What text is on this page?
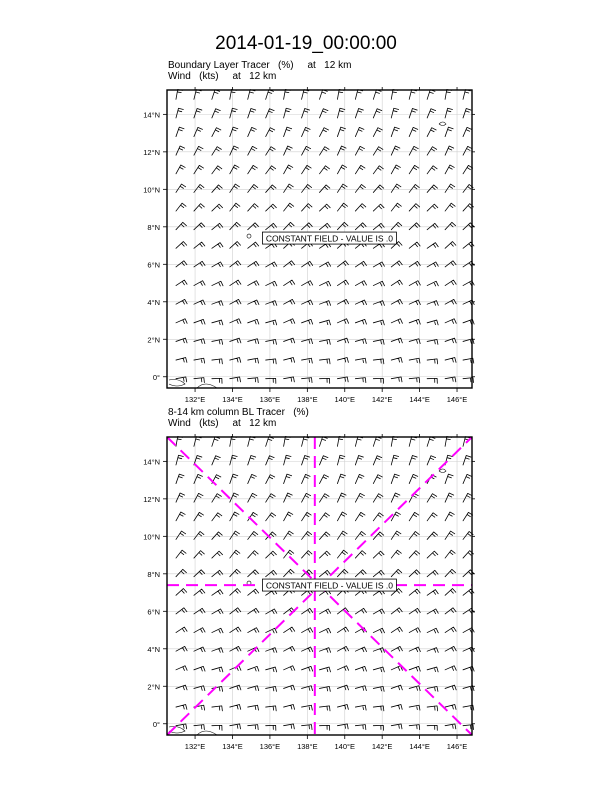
2014-01-19_00:00:00
Boundary Layer Tracer   (%)     at   12 km
Wind   (kts)     at   12 km
8-14 km column BL Tracer   (%)
Wind   (kts)     at   12 km
132°E 134°E 136°E 138°E 140°E 142°E 144°E 146°E
0°
2°N
4°N
6°N
8°N
10°N
12°N
14°N
CONSTANT FIELD - VALUE IS .0
132°E 134°E 136°E 138°E 140°E 142°E 144°E 146°E
0°
2°N
4°N
6°N
8°N
10°N
12°N
14°N
CONSTANT FIELD - VALUE IS .0
